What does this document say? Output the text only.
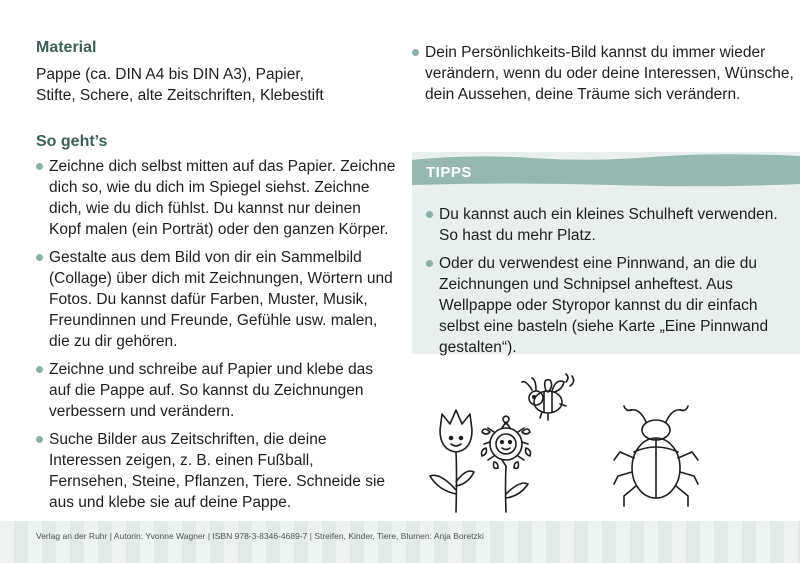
Material

Pappe (ca. DIN A4 bis DIN A3), Papier,
Stifte, Schere, alte Zeitschriften, Klebestift

So geht’s
Zeichne dich selbst mitten auf das Papier. Zeichne dich so, wie du dich im Spiegel siehst. Zeichne dich, wie du dich fühlst. Du kannst nur deinen Kopf malen (ein Porträt) oder den ganzen Körper.
Gestalte aus dem Bild von dir ein Sammelbild (Collage) über dich mit Zeichnungen, Wörtern und Fotos. Du kannst dafür Farben, Muster, Musik, Freundinnen und Freunde, Gefühle usw. malen, die zu dir gehören.
Zeichne und schreibe auf Papier und klebe das auf die Pappe auf. So kannst du Zeichnungen verbessern und verändern.
Suche Bilder aus Zeitschriften, die deine Interessen zeigen, z. B. einen Fußball, Fernsehen, Steine, Pflanzen, Tiere. Schneide sie aus und klebe sie auf deine Pappe.
Dein Persönlichkeits-Bild kannst du immer wieder verändern, wenn du oder deine Interessen, Wünsche, dein Aussehen, deine Träume sich verändern.
TIPPS
Du kannst auch ein kleines Schulheft verwenden. So hast du mehr Platz.
Oder du verwendest eine Pinnwand, an die du Zeichnungen und Schnipsel anheftest. Aus Wellpappe oder Styropor kannst du dir einfach selbst eine basteln (siehe Karte „Eine Pinnwand gestalten“).
Verlag an der Ruhr | Autorin: Yvonne Wagner | ISBN 978-3-8346-4689-7 | Streifen, Kinder, Tiere, Blumen: Anja Boretzki
